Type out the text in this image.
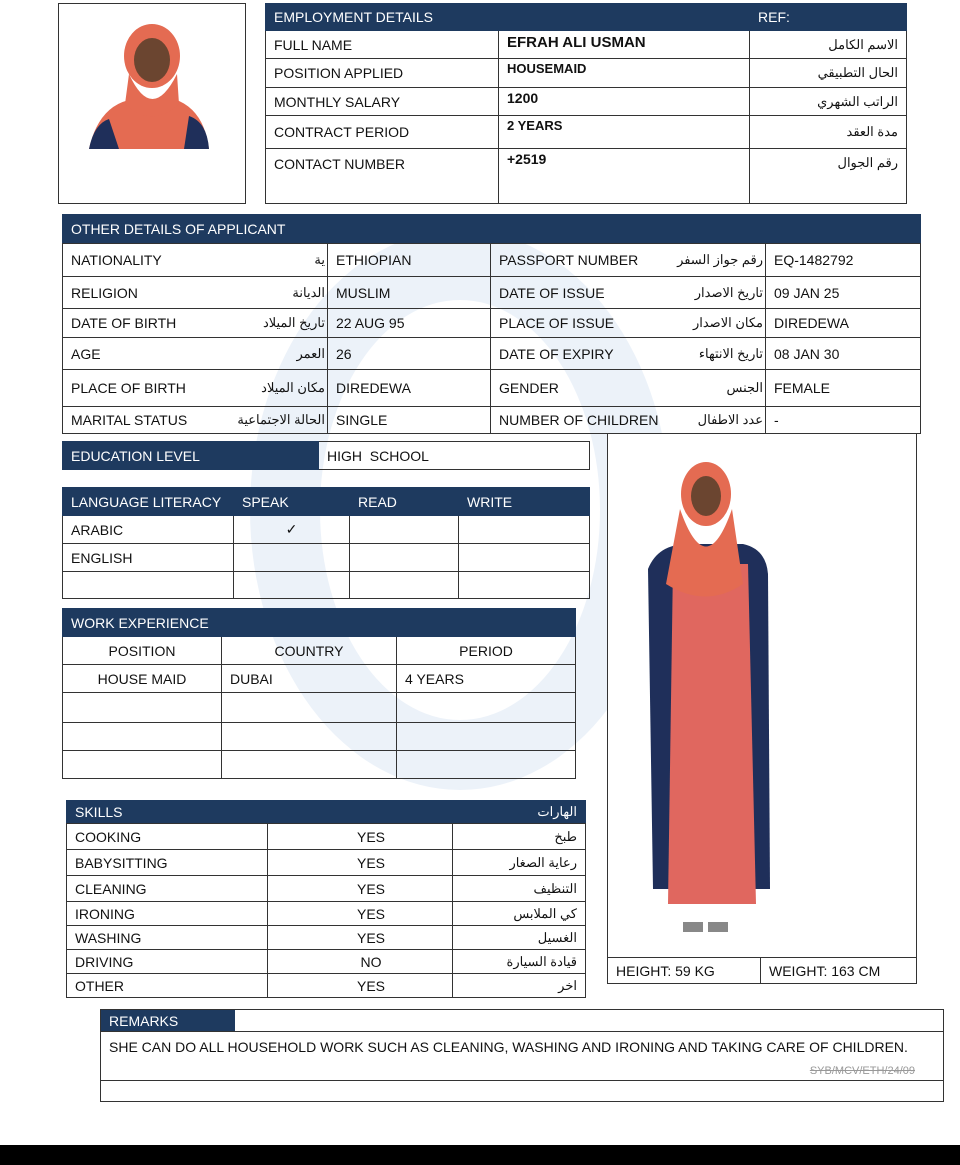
EMPLOYMENT DETAILS		REF:
FULL NAME	EFRAH ALI USMAN	الاسم الكامل
POSITION APPLIED	HOUSEMAID	الحال التطبيقي
MONTHLY SALARY	1200	الراتب الشهري
CONTRACT PERIOD	2 YEARS	مدة العقد
CONTACT NUMBER	+2519	رقم الجوال
OTHER DETAILS OF APPLICANT	
NATIONALITY ية	ETHIOPIAN	PASSPORT NUMBER رقم جواز السفر	EQ-1482792

RELIGION الديانة	MUSLIM	DATE OF ISSUE تاريخ الاصدار	09 JAN 25

DATE OF BIRTH تاريخ الميلاد	22 AUG 95	PLACE OF ISSUE مكان الاصدار	DIREDEWA

AGE العمر	26	DATE OF EXPIRY تاريخ الانتهاء	08 JAN 30

PLACE OF BIRTH مكان الميلاد	DIREDEWA	GENDER الجنس	FEMALE

MARITAL STATUS الحالة الاجتماعية	SINGLE	NUMBER OF CHILDREN عدد الاطفال	-
EDUCATION LEVEL	HIGH  SCHOOL
LANGUAGE LITERACY	SPEAK	READ	WRITE
ARABIC	✓		
ENGLISH			

WORK EXPERIENCE			
POSITION	COUNTRY		PERIOD
HOUSE MAID	DUBAI		4 YEARS

SKILLS	الهارات
COOKING	YES	طبخ
BABYSITTING	YES	رعاية الصغار
CLEANING	YES	التنظيف
IRONING	YES	كي الملابس
WASHING	YES	الغسيل
DRIVING	NO	قيادة السيارة
OTHER	YES	اخر
HEIGHT: 59 KG	WEIGHT: 163 CM
REMARKS
SHE CAN DO ALL HOUSEHOLD WORK SUCH AS CLEANING, WASHING AND IRONING AND TAKING CARE OF CHILDREN.
SYB/MCV/ETH/24/09
